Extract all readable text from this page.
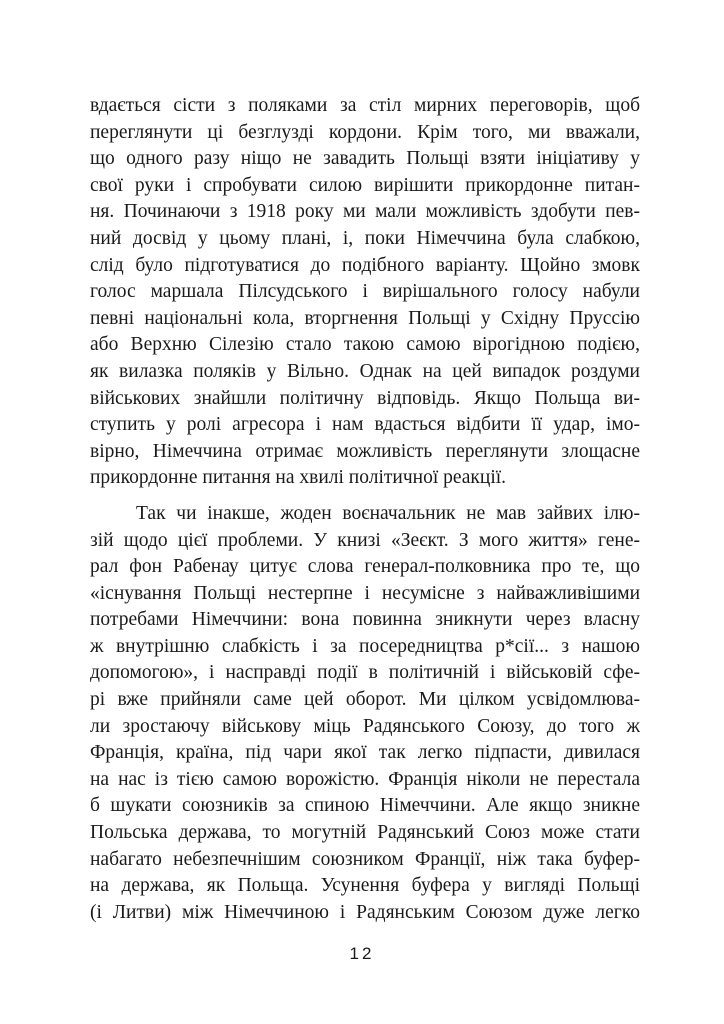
вдається сісти з поляками за стіл мирних переговорів, щоб
переглянути ці безглузді кордони. Крім того, ми вважали,
що одного разу ніщо не завадить Польщі взяти ініціативу у
свої руки і спробувати силою вирішити прикордонне питан-
ня. Починаючи з 1918 року ми мали можливість здобути пев-
ний досвід у цьому плані, і, поки Німеччина була слабкою,
слід було підготуватися до подібного варіанту. Щойно змовк
голос маршала Пілсудського і вирішального голосу набули
певні національні кола, вторгнення Польщі у Східну Пруссію
або Верхню Сілезію стало такою самою вірогідною подією,
як вилазка поляків у Вільно. Однак на цей випадок роздуми
військових знайшли політичну відповідь. Якщо Польща ви-
ступить у ролі агресора і нам вдасться відбити її удар, імо-
вірно, Німеччина отримає можливість переглянути злощасне
прикордонне питання на хвилі політичної реакції.
Так чи інакше, жоден воєначальник не мав зайвих ілю-
зій щодо цієї проблеми. У книзі «Зеєкт. З мого життя» гене-
рал фон Рабенау цитує слова генерал-полковника про те, що
«існування Польщі нестерпне і несумісне з найважливішими
потребами Німеччини: вона повинна зникнути через власну
ж внутрішню слабкість і за посередництва р*сії... з нашою
допомогою», і насправді події в політичній і військовій сфе-
рі вже прийняли саме цей оборот. Ми цілком усвідомлюва-
ли зростаючу військову міць Радянського Союзу, до того ж
Франція, країна, під чари якої так легко підпасти, дивилася
на нас із тією самою ворожістю. Франція ніколи не перестала
б шукати союзників за спиною Німеччини. Але якщо зникне
Польська держава, то могутній Радянський Союз може стати
набагато небезпечнішим союзником Франції, ніж така буфер-
на держава, як Польща. Усунення буфера у вигляді Польщі
(і Литви) між Німеччиною і Радянським Союзом дуже легко
12
